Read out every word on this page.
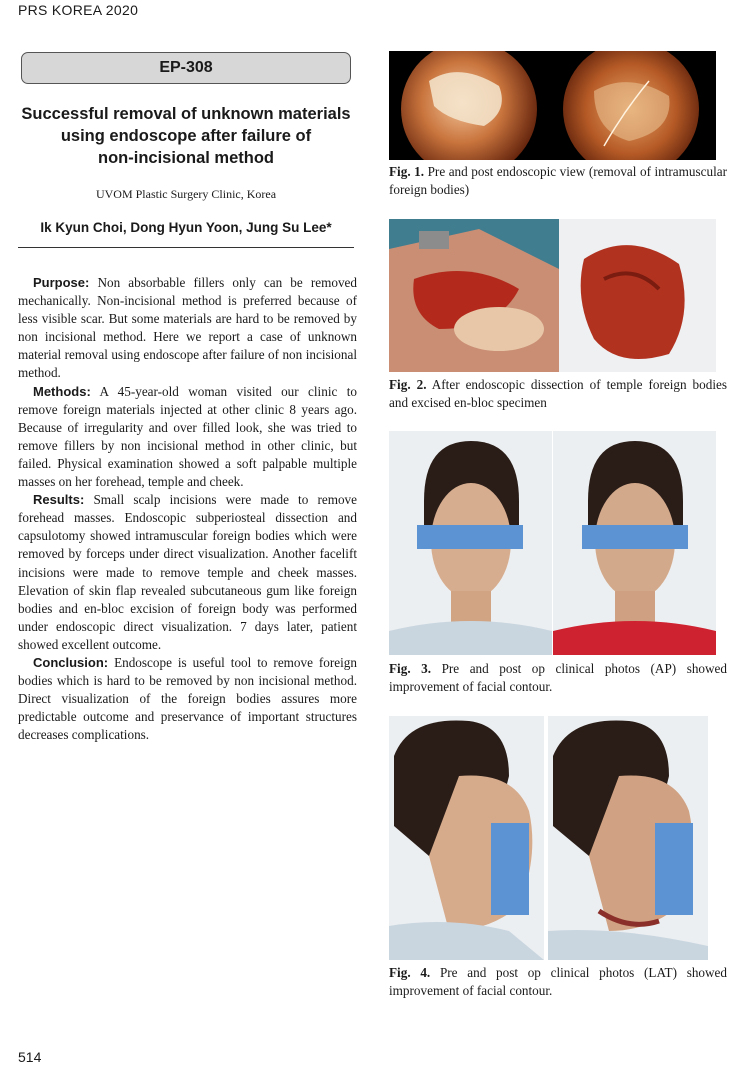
PRS KOREA 2020
514
EP-308
Successful removal of unknown materials
using endoscope after failure of
non-incisional method
UVOM Plastic Surgery Clinic, Korea
Ik Kyun Choi, Dong Hyun Yoon, Jung Su Lee*

Purpose: Non absorbable fillers only can be removed mechanically. Non-incisional method is preferred because of less visible scar. But some materials are hard to be removed by non incisional method. Here we report a case of unknown material removal using endoscope after failure of non incisional method.

Methods: A 45-year-old woman visited our clinic to remove foreign materials injected at other clinic 8 years ago. Because of irregularity and over filled look, she was tried to remove fillers by non incisional method in other clinic, but failed. Physical examination showed a soft palpable multiple masses on her forehead, temple and cheek.

Results: Small scalp incisions were made to remove forehead masses. Endoscopic subperiosteal dissection and capsulotomy showed intramuscular foreign bodies which were removed by forceps under direct visualization. Another facelift incisions were made to remove temple and cheek masses. Elevation of skin flap revealed subcutaneous gum like foreign bodies and en-bloc excision of foreign body was performed under endoscopic direct visualization. 7 days later, patient showed excellent outcome.

Conclusion: Endoscope is useful tool to remove foreign bodies which is hard to be removed by non incisional method. Direct visualization of the foreign bodies assures more predictable outcome and preservance of important structures decreases complications.

Fig. 1. Pre and post endoscopic view (removal of intramuscular foreign bodies)
Fig. 2. After endoscopic dissection of temple foreign bodies and excised en-bloc specimen
Fig. 3. Pre and post op clinical photos (AP) showed improvement of facial contour.
Fig. 4. Pre and post op clinical photos (LAT) showed improvement of facial contour.
